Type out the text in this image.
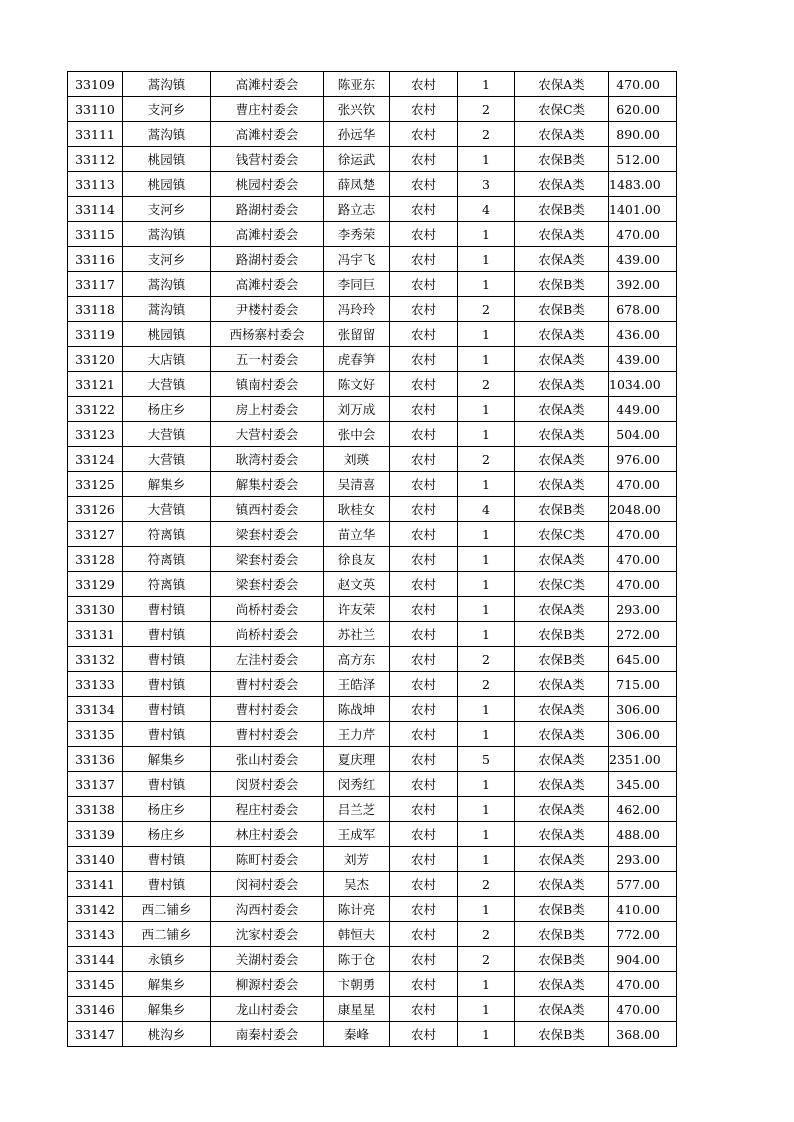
33109	蒿沟镇	高滩村委会	陈亚东	农村	1	农保A类	470.00
33110	支河乡	曹庄村委会	张兴钦	农村	2	农保C类	620.00
33111	蒿沟镇	高滩村委会	孙远华	农村	2	农保A类	890.00
33112	桃园镇	钱营村委会	徐运武	农村	1	农保B类	512.00
33113	桃园镇	桃园村委会	薛凤楚	农村	3	农保A类	1483.00
33114	支河乡	路湖村委会	路立志	农村	4	农保B类	1401.00
33115	蒿沟镇	高滩村委会	李秀荣	农村	1	农保A类	470.00
33116	支河乡	路湖村委会	冯宇飞	农村	1	农保A类	439.00
33117	蒿沟镇	高滩村委会	李同巨	农村	1	农保B类	392.00
33118	蒿沟镇	尹楼村委会	冯玲玲	农村	2	农保B类	678.00
33119	桃园镇	西杨寨村委会	张留留	农村	1	农保A类	436.00
33120	大店镇	五一村委会	虎春笋	农村	1	农保A类	439.00
33121	大营镇	镇南村委会	陈文好	农村	2	农保A类	1034.00
33122	杨庄乡	房上村委会	刘万成	农村	1	农保A类	449.00
33123	大营镇	大营村委会	张中会	农村	1	农保A类	504.00
33124	大营镇	耿湾村委会	刘瑛	农村	2	农保A类	976.00
33125	解集乡	解集村委会	吴清喜	农村	1	农保A类	470.00
33126	大营镇	镇西村委会	耿桂女	农村	4	农保B类	2048.00
33127	符离镇	梁套村委会	苗立华	农村	1	农保C类	470.00
33128	符离镇	梁套村委会	徐良友	农村	1	农保A类	470.00
33129	符离镇	梁套村委会	赵文英	农村	1	农保C类	470.00
33130	曹村镇	尚桥村委会	许友荣	农村	1	农保A类	293.00
33131	曹村镇	尚桥村委会	苏社兰	农村	1	农保B类	272.00
33132	曹村镇	左洼村委会	高方东	农村	2	农保B类	645.00
33133	曹村镇	曹村村委会	王皓泽	农村	2	农保A类	715.00
33134	曹村镇	曹村村委会	陈战坤	农村	1	农保A类	306.00
33135	曹村镇	曹村村委会	王力芹	农村	1	农保A类	306.00
33136	解集乡	张山村委会	夏庆理	农村	5	农保A类	2351.00
33137	曹村镇	闵贤村委会	闵秀红	农村	1	农保A类	345.00
33138	杨庄乡	程庄村委会	吕兰芝	农村	1	农保A类	462.00
33139	杨庄乡	林庄村委会	王成军	农村	1	农保A类	488.00
33140	曹村镇	陈町村委会	刘芳	农村	1	农保A类	293.00
33141	曹村镇	闵祠村委会	吴杰	农村	2	农保A类	577.00
33142	西二铺乡	沟西村委会	陈计亮	农村	1	农保B类	410.00
33143	西二铺乡	沈家村委会	韩恒夫	农村	2	农保B类	772.00
33144	永镇乡	关湖村委会	陈于仓	农村	2	农保B类	904.00
33145	解集乡	柳源村委会	卞朝勇	农村	1	农保A类	470.00
33146	解集乡	龙山村委会	康星星	农村	1	农保A类	470.00
33147	桃沟乡	南秦村委会	秦峰	农村	1	农保B类	368.00
